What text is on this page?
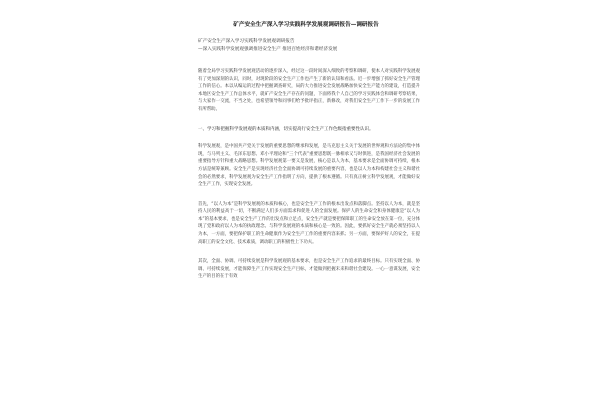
矿产安全生产深入学习实践科学发展观调研报告—调研报告
矿产安全生产深入学习实践科学发展观调研报告
—深入实践科学发展观强调推进安全生产 推进百姓经济和谐经济发展

随着全局学习实践科学发展观活动的逐步深入，经过这一段时间深入细致的考察和调研，使本人对实践科学发展观有了更加深刻的认识，同时，对现阶段的安全生产工作也产生了新的认知和看法。近一步增强了抓好安全生产管理工作的信心。本以从编运的过程中把握调查研究，局的大力推进安全发展战略加快安全生产能力的建设，打造提升本地区安全生产工作总体水平，就矿产安全生产存在的问题，下面将我个人自己的学习实践体会和调研考察结果，与大家作一交流，不当之处，也希望领导和同事们给予批评指正，新修改，对我们安全生产工作下一步的发展工作有所帮助。

一、学习和把握科学发展观的本质和内涵，切实提高行安全生产工作色级指重要性认识。

科学发展观，是中国共产党关于发展的重要思想的继承和发展，是马克思主义关于发展的世界观和方法论的集中体现，与马列主义、毛泽东思想、邓小平理论和“三个代表”重要思想既一脉相承又与时俱进，是我国经济社会发展的重要指导方针和重大战略思想。科学发展观第一要义是发展，核心是以人为本，基本要求是全面协调可持续，根本方法是统筹兼顾。安全生产是实现经济社会全面协调可持续发展的重要内容，也是以人为本和构建社会主义和谐社会的必然要求，科学发展观为安全生产工作指明了方向，提供了根本遵循。只有真正树立科学发展观，才能做好安全生产工作，实现安全发展。

首先，“以人为本”是科学发展观的本质和核心，也是安全生产工作的根本出发点和落脚点。坚持以人为本，就是坚持人民的利益高于一切，不断满足人们多方面需求和促进人的全面发展。保护人的生命安全和身体健康是“以人为本”的基本要求，也是安全生产工作的出发点和立足点，安全生产就是要把保障职工的生命安全放在第一位，充分体现了党和政府以人为本的执政理念。与科学发展观的本质和核心是一致的。因此，要抓好安全生产就必须坚持以人为本，一方面，要把保护职工的生命健康作为安全生产工作的重要内容来抓；另一方面，要保护好人的安全，在提高职工的安全文化、技术素质，调动职工的积极性上下功夫。

其次，全面、协调、可持续发展是科学发展观的基本要求，也是安全生产工作追求的最终目标。只有实现全面、协调、可持续发展，才能保障生产工作实现安全生产目标，才能做到把握未来和谐社会建设。一心一意谋发展，安全生产的目的在于有效
